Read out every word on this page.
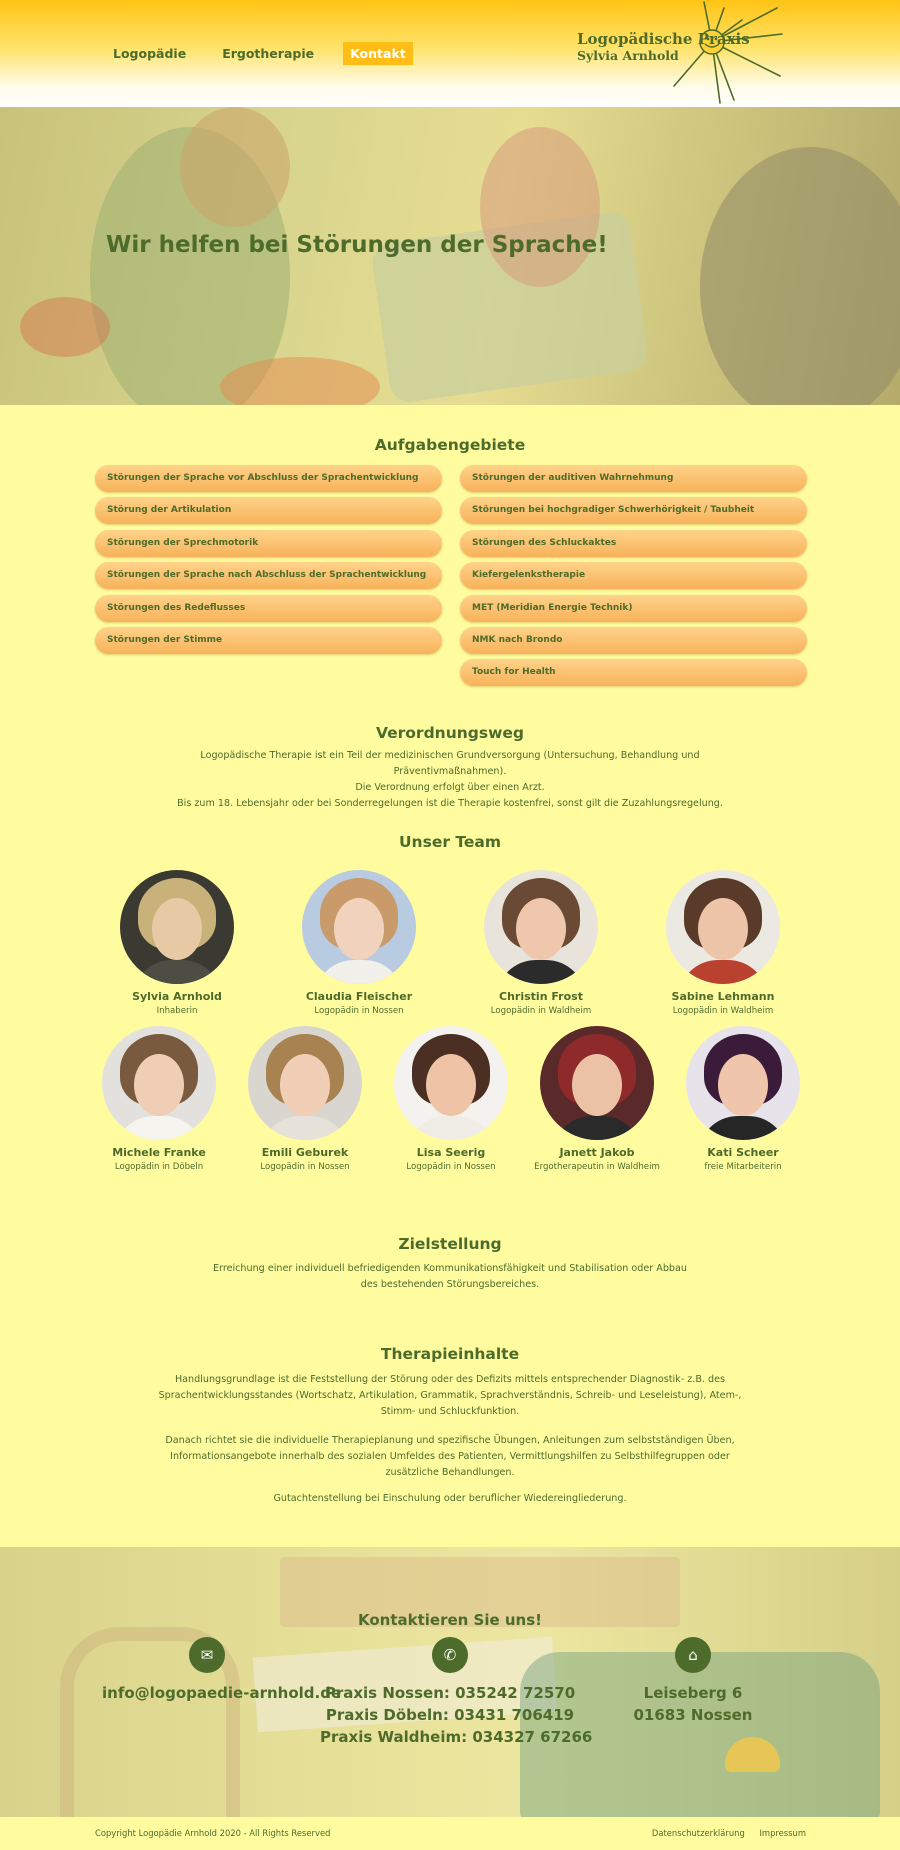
Logopädie	Ergotherapie	Kontakt
Logopädische Praxis
Sylvia Arnhold
Wir helfen bei Störungen der Sprache!
Aufgabengebiete
Störungen der Sprache vor Abschluss der Sprachentwicklung
Störung der Artikulation
Störungen der Sprechmotorik
Störungen der Sprache nach Abschluss der Sprachentwicklung
Störungen des Redeflusses
Störungen der Stimme
Störungen der auditiven Wahrnehmung
Störungen bei hochgradiger Schwerhörigkeit / Taubheit
Störungen des Schluckaktes
Kiefergelenkstherapie
MET (Meridian Energie Technik)
NMK nach Brondo
Touch for Health
Verordnungsweg
Logopädische Therapie ist ein Teil der medizinischen Grundversorgung (Untersuchung, Behandlung und Präventivmaßnahmen).
Die Verordnung erfolgt über einen Arzt.
Bis zum 18. Lebensjahr oder bei Sonderregelungen ist die Therapie kostenfrei, sonst gilt die Zuzahlungsregelung.
Unser Team
Sylvia Arnhold
Inhaberin
Claudia Fleischer
Logopädin in Nossen
Christin Frost
Logopädin in Waldheim
Sabine Lehmann
Logopädin in Waldheim
Michele Franke
Logopädin in Döbeln
Emili Geburek
Logopädin in Nossen
Lisa Seerig
Logopädin in Nossen
Janett Jakob
Ergotherapeutin in Waldheim
Kati Scheer
freie Mitarbeiterin
Zielstellung
Erreichung einer individuell befriedigenden Kommunikationsfähigkeit und Stabilisation oder Abbau
des bestehenden Störungsbereiches.
Therapieinhalte
Handlungsgrundlage ist die Feststellung der Störung oder des Defizits mittels entsprechender Diagnostik- z.B. des
Sprachentwicklungsstandes (Wortschatz, Artikulation, Grammatik, Sprachverständnis, Schreib- und Leseleistung), Atem-,
Stimm- und Schluckfunktion.
Danach richtet sie die individuelle Therapieplanung und spezifische Übungen, Anleitungen zum selbstständigen Üben,
Informationsangebote innerhalb des sozialen Umfeldes des Patienten, Vermittlungshilfen zu Selbsthilfegruppen oder
zusätzliche Behandlungen.
Gutachtenstellung bei Einschulung oder beruflicher Wiedereingliederung.
Kontaktieren Sie uns!
✉	✆	⌂
info@logopaedie-arnhold.de
Praxis Nossen: 035242 72570
Praxis Döbeln: 03431 706419
Praxis Waldheim: 034327 67266
Leiseberg 6
01683 Nossen
Copyright Logopädie Arnhold 2020 - All Rights Reserved	Datenschutzerklärung Impressum
